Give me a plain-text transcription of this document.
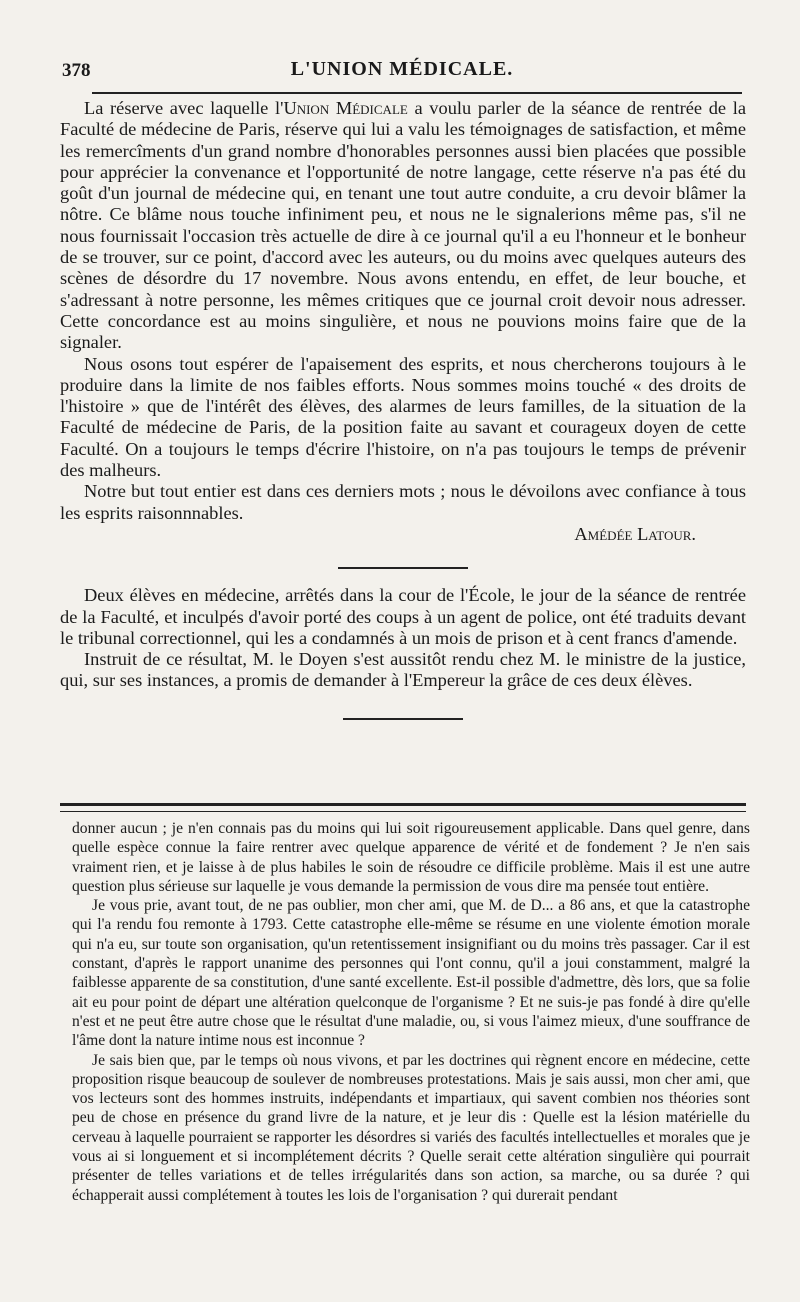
378	L'UNION MÉDICALE.

La réserve avec laquelle l'Union Médicale a voulu parler de la séance de rentrée de la Faculté de médecine de Paris, réserve qui lui a valu les témoignages de satisfaction, et même les remercîments d'un grand nombre d'honorables personnes aussi bien placées que possible pour apprécier la convenance et l'opportunité de notre langage, cette réserve n'a pas été du goût d'un journal de médecine qui, en tenant une tout autre conduite, a cru devoir blâmer la nôtre. Ce blâme nous touche infiniment peu, et nous ne le signalerions même pas, s'il ne nous fournissait l'occasion très actuelle de dire à ce journal qu'il a eu l'honneur et le bonheur de se trouver, sur ce point, d'accord avec les auteurs, ou du moins avec quelques auteurs des scènes de désordre du 17 novembre. Nous avons entendu, en effet, de leur bouche, et s'adressant à notre personne, les mêmes critiques que ce journal croit devoir nous adresser. Cette concordance est au moins singulière, et nous ne pouvions moins faire que de la signaler.

Nous osons tout espérer de l'apaisement des esprits, et nous chercherons toujours à le produire dans la limite de nos faibles efforts. Nous sommes moins touché « des droits de l'histoire » que de l'intérêt des élèves, des alarmes de leurs familles, de la situation de la Faculté de médecine de Paris, de la position faite au savant et courageux doyen de cette Faculté. On a toujours le temps d'écrire l'histoire, on n'a pas toujours le temps de prévenir des malheurs.

Notre but tout entier est dans ces derniers mots ; nous le dévoilons avec confiance à tous les esprits raisonnnables.

Amédée Latour.

Deux élèves en médecine, arrêtés dans la cour de l'École, le jour de la séance de rentrée de la Faculté, et inculpés d'avoir porté des coups à un agent de police, ont été traduits devant le tribunal correctionnel, qui les a condamnés à un mois de prison et à cent francs d'amende.

Instruit de ce résultat, M. le Doyen s'est aussitôt rendu chez M. le ministre de la justice, qui, sur ses instances, a promis de demander à l'Empereur la grâce de ces deux élèves.

donner aucun ; je n'en connais pas du moins qui lui soit rigoureusement applicable. Dans quel genre, dans quelle espèce connue la faire rentrer avec quelque apparence de vérité et de fondement ? Je n'en sais vraiment rien, et je laisse à de plus habiles le soin de résoudre ce difficile problème. Mais il est une autre question plus sérieuse sur laquelle je vous demande la permission de vous dire ma pensée tout entière.

Je vous prie, avant tout, de ne pas oublier, mon cher ami, que M. de D... a 86 ans, et que la catastrophe qui l'a rendu fou remonte à 1793. Cette catastrophe elle-même se résume en une violente émotion morale qui n'a eu, sur toute son organisation, qu'un retentissement insignifiant ou du moins très passager. Car il est constant, d'après le rapport unanime des personnes qui l'ont connu, qu'il a joui constamment, malgré la faiblesse apparente de sa constitution, d'une santé excellente. Est-il possible d'admettre, dès lors, que sa folie ait eu pour point de départ une altération quelconque de l'organisme ? Et ne suis-je pas fondé à dire qu'elle n'est et ne peut être autre chose que le résultat d'une maladie, ou, si vous l'aimez mieux, d'une souffrance de l'âme dont la nature intime nous est inconnue ?

Je sais bien que, par le temps où nous vivons, et par les doctrines qui règnent encore en médecine, cette proposition risque beaucoup de soulever de nombreuses protestations. Mais je sais aussi, mon cher ami, que vos lecteurs sont des hommes instruits, indépendants et impartiaux, qui savent combien nos théories sont peu de chose en présence du grand livre de la nature, et je leur dis : Quelle est la lésion matérielle du cerveau à laquelle pourraient se rapporter les désordres si variés des facultés intellectuelles et morales que je vous ai si longuement et si incomplétement décrits ? Quelle serait cette altération singulière qui pourrait présenter de telles variations et de telles irrégularités dans son action, sa marche, ou sa durée ? qui échapperait aussi complétement à toutes les lois de l'organisation ? qui durerait pendant
